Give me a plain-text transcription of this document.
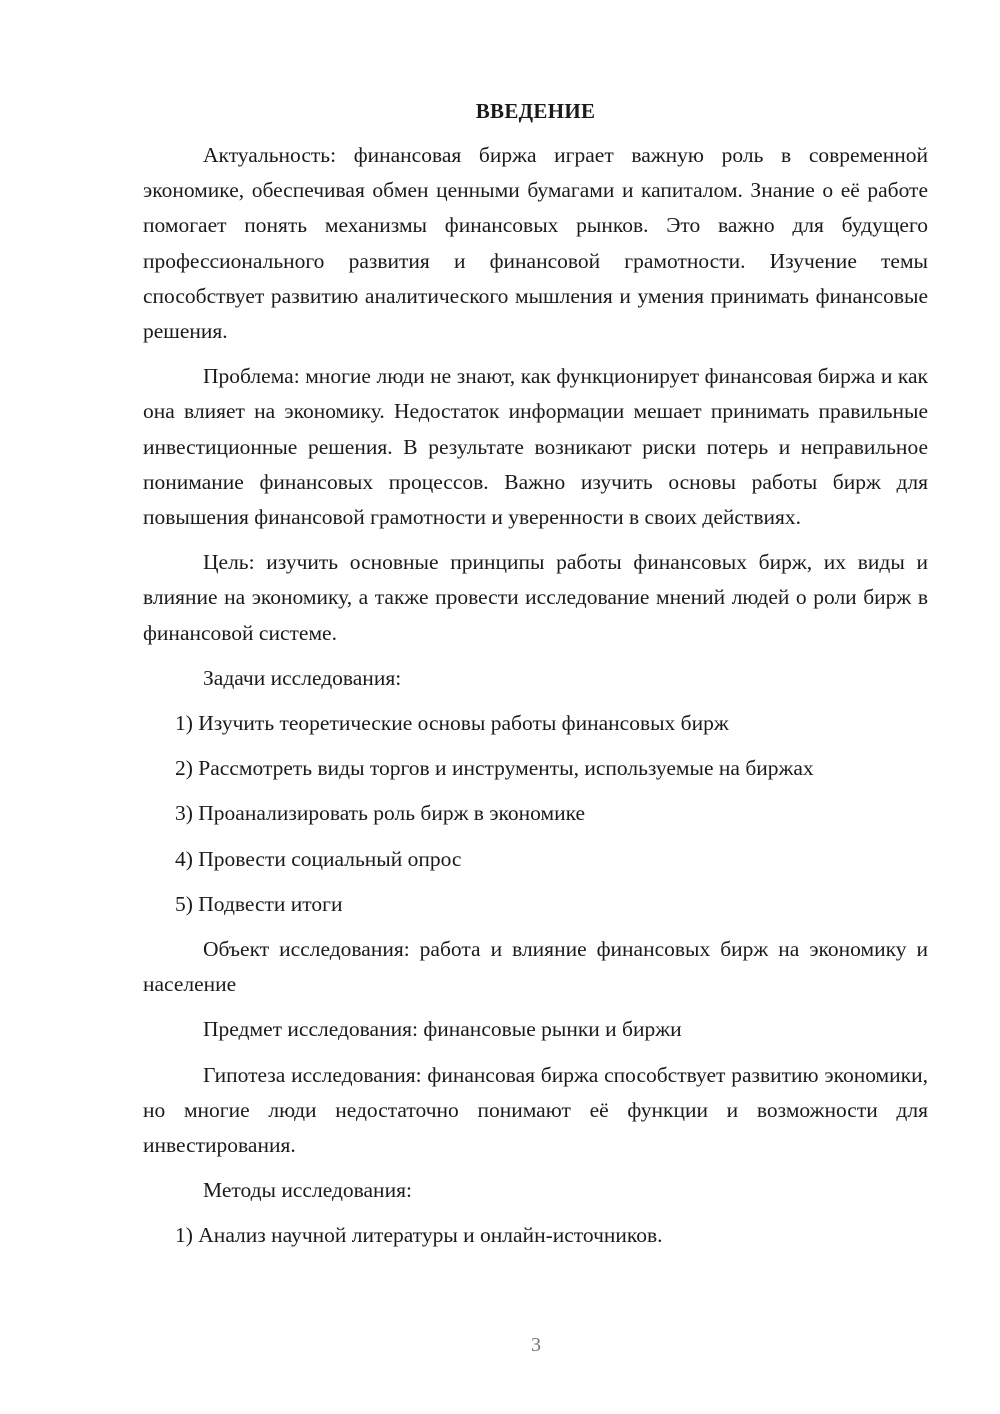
ВВЕДЕНИЕ

Актуальность: финансовая биржа играет важную роль в современной экономике, обеспечивая обмен ценными бумагами и капиталом. Знание о её работе помогает понять механизмы финансовых рынков. Это важно для будущего профессионального развития и финансовой грамотности. Изучение темы способствует развитию аналитического мышления и умения принимать финансовые решения.

Проблема: многие люди не знают, как функционирует финансовая биржа и как она влияет на экономику. Недостаток информации мешает принимать правильные инвестиционные решения. В результате возникают риски потерь и неправильное понимание финансовых процессов. Важно изучить основы работы бирж для повышения финансовой грамотности и уверенности в своих действиях.

Цель: изучить основные принципы работы финансовых бирж, их виды и влияние на экономику, а также провести исследование мнений людей о роли бирж в финансовой системе.

Задачи исследования:

1) Изучить теоретические основы работы финансовых бирж
2) Рассмотреть виды торгов и инструменты, используемые на биржах
3) Проанализировать роль бирж в экономике
4) Провести социальный опрос
5) Подвести итоги

Объект исследования: работа и влияние финансовых бирж на экономику и население

Предмет исследования: финансовые рынки и биржи

Гипотеза исследования: финансовая биржа способствует развитию экономики, но многие люди недостаточно понимают её функции и возможности для инвестирования.

Методы исследования:

1) Анализ научной литературы и онлайн-источников.
3
